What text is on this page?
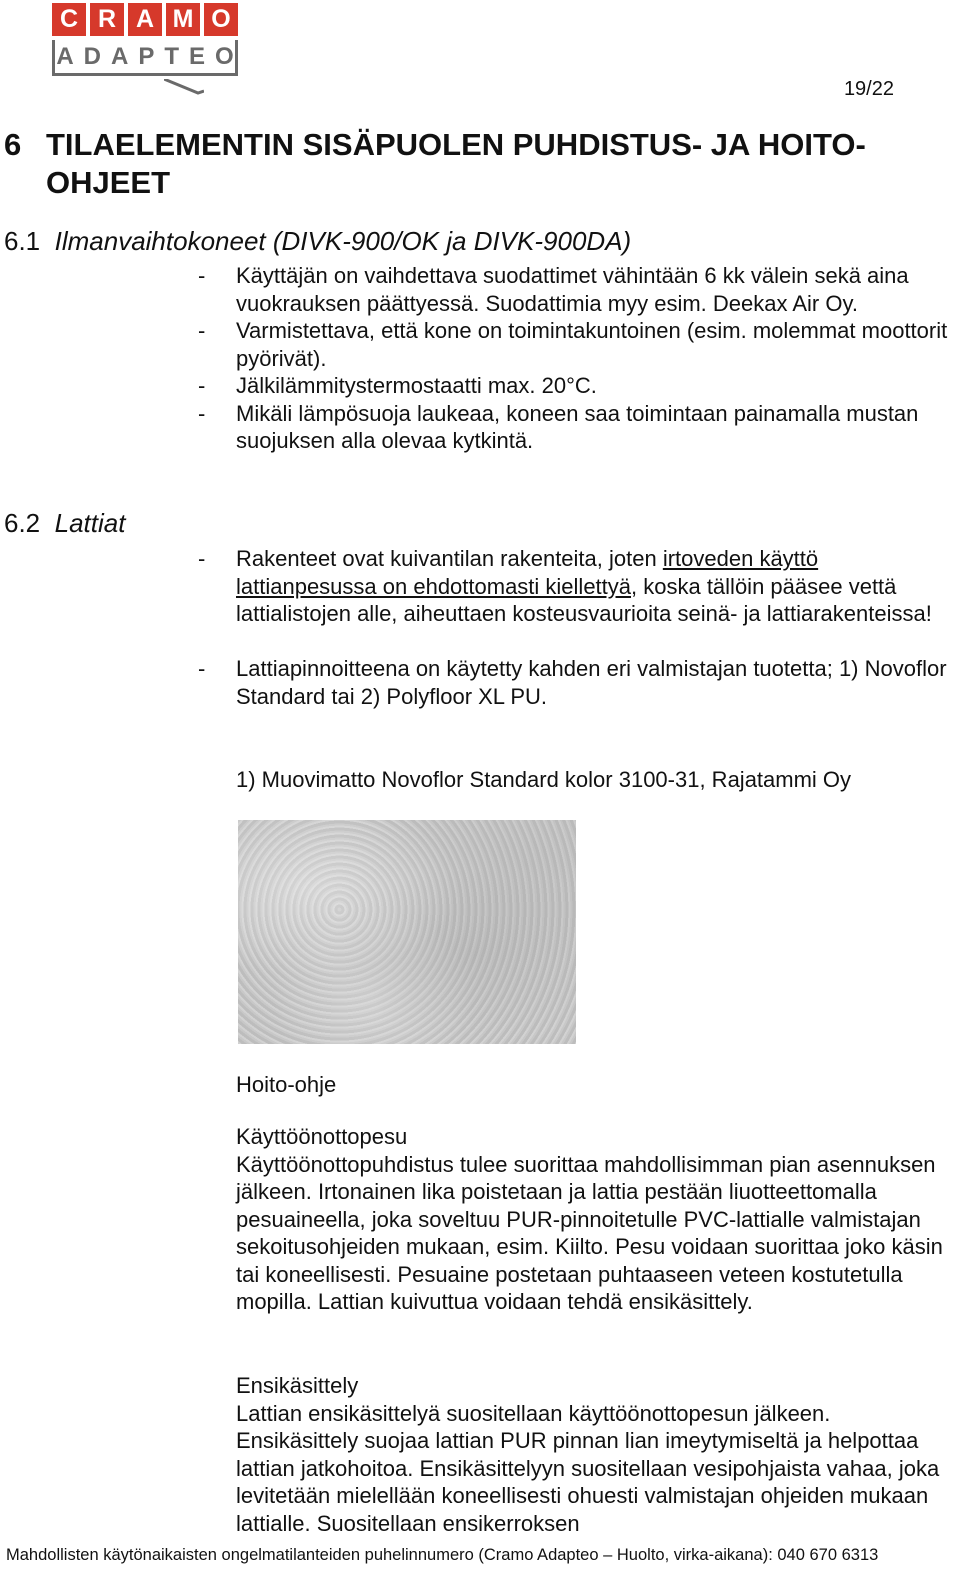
C R A M O
ADAPTEO
19/22
6 TILAELEMENTIN SISÄPUOLEN PUHDISTUS- JA HOITO-
OHJEET
6.1 Ilmanvaihtokoneet (DIVK-900/OK ja DIVK-900DA)
-	Käyttäjän on vaihdettava suodattimet vähintään 6 kk välein sekä aina vuokrauksen päättyessä. Suodattimia myy esim. Deekax Air Oy.
-	Varmistettava, että kone on toimintakuntoinen (esim. molemmat moottorit pyörivät).
-	Jälkilämmitystermostaatti max. 20°C.
-	Mikäli lämpösuoja laukeaa, koneen saa toimintaan painamalla mustan suojuksen alla olevaa kytkintä.
6.2 Lattiat
-	Rakenteet ovat kuivantilan rakenteita, joten irtoveden käyttö lattianpesussa on ehdottomasti kiellettyä, koska tällöin pääsee vettä lattialistojen alle, aiheuttaen kosteusvaurioita seinä- ja lattiarakenteissa!
-	Lattiapinnoitteena on käytetty kahden eri valmistajan tuotetta; 1) Novoflor Standard tai 2) Polyfloor XL PU.
1) Muovimatto Novoflor Standard kolor 3100-31, Rajatammi Oy
Hoito-ohje
Käyttöönottopesu
Käyttöönottopuhdistus tulee suorittaa mahdollisimman pian asennuksen jälkeen. Irtonainen lika poistetaan ja lattia pestään liuotteettomalla pesuaineella, joka soveltuu PUR-pinnoitetulle PVC-lattialle valmistajan sekoitusohjeiden mukaan, esim. Kiilto. Pesu voidaan suorittaa joko käsin tai koneellisesti. Pesuaine postetaan puhtaaseen veteen kostutetulla mopilla. Lattian kuivuttua voidaan tehdä ensikäsittely.
Ensikäsittely
Lattian ensikäsittelyä suositellaan käyttöönottopesun jälkeen. Ensikäsittely suojaa lattian PUR pinnan lian imeytymiseltä ja helpottaa lattian jatkohoitoa. Ensikäsittelyyn suositellaan vesipohjaista vahaa, joka levitetään mielellään koneellisesti ohuesti valmistajan ohjeiden mukaan lattialle. Suositellaan ensikerroksen
Mahdollisten käytönaikaisten ongelmatilanteiden puhelinnumero (Cramo Adapteo – Huolto, virka-aikana): 040 670 6313
